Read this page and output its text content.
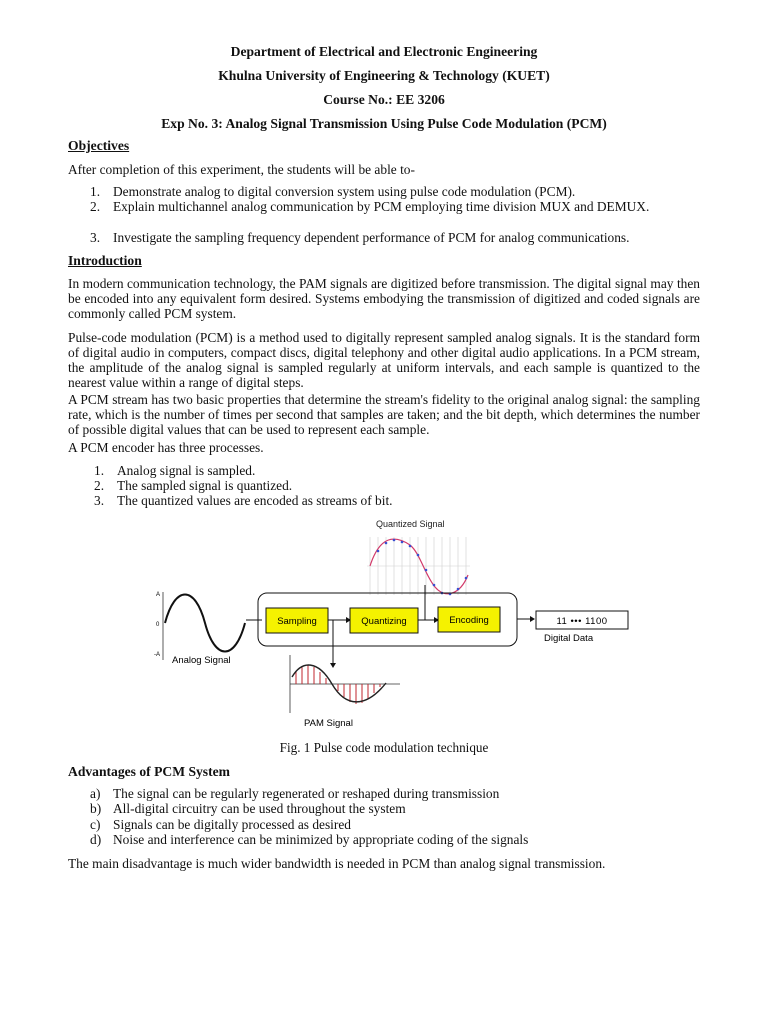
Department of Electrical and Electronic Engineering
Khulna University of Engineering & Technology (KUET)
Course No.: EE 3206
Exp No. 3: Analog Signal Transmission Using Pulse Code Modulation (PCM)
Objectives
After completion of this experiment, the students will be able to-
1. Demonstrate analog to digital conversion system using pulse code modulation (PCM).
2. Explain multichannel analog communication by PCM employing time division MUX and DEMUX.
3. Investigate the sampling frequency dependent performance of PCM for analog communications.
Introduction
In modern communication technology, the PAM signals are digitized before transmission. The digital signal may then be encoded into any equivalent form desired. Systems embodying the transmission of digitized and coded signals are commonly called PCM system.
Pulse-code modulation (PCM) is a method used to digitally represent sampled analog signals. It is the standard form of digital audio in computers, compact discs, digital telephony and other digital audio applications. In a PCM stream, the amplitude of the analog signal is sampled regularly at uniform intervals, and each sample is quantized to the nearest value within a range of digital steps.
A PCM stream has two basic properties that determine the stream's fidelity to the original analog signal: the sampling rate, which is the number of times per second that samples are taken; and the bit depth, which determines the number of possible digital values that can be used to represent each sample.
A PCM encoder has three processes.
1. Analog signal is sampled.
2. The sampled signal is quantized.
3. The quantized values are encoded as streams of bit.
Quantized Signal
A
0
-A Analog Signal
Sampling	Quantizing	Encoding	11 ••• 1100
Digital Data
PAM Signal
Fig. 1 Pulse code modulation technique
Advantages of PCM System
a) The signal can be regularly regenerated or reshaped during transmission
b) All-digital circuitry can be used throughout the system
c) Signals can be digitally processed as desired
d) Noise and interference can be minimized by appropriate coding of the signals
The main disadvantage is much wider bandwidth is needed in PCM than analog signal transmission.
